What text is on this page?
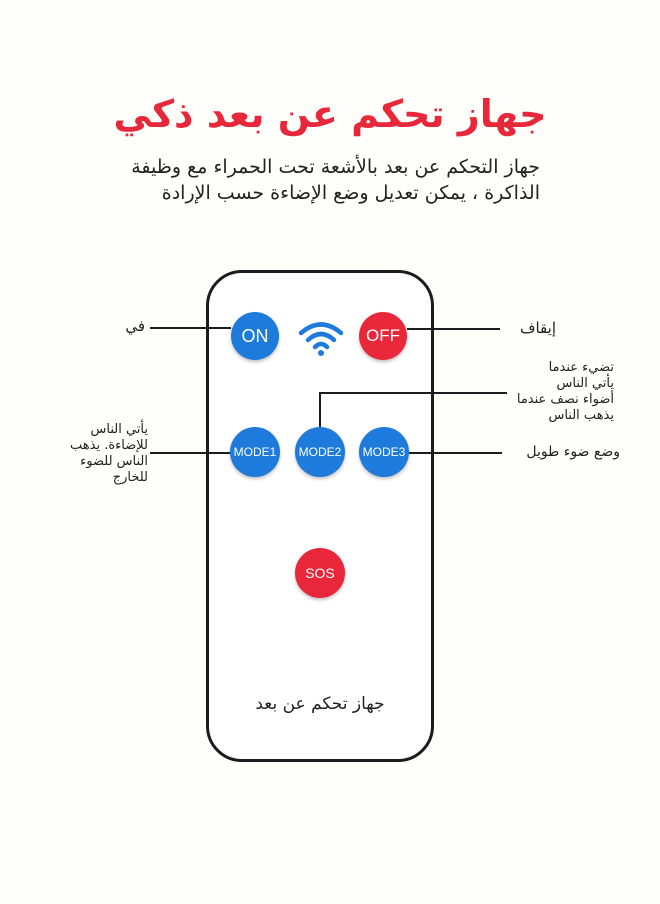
جهاز تحكم عن بعد ذكي
جهاز التحكم عن بعد بالأشعة تحت الحمراء مع وظيفة الذاكرة ، يمكن تعديل وضع الإضاءة حسب الإرادة
ON	OFF
MODE1 MODE2 MODE3
SOS
جهاز تحكم عن بعد
في	إيقاف
يأتي الناس
للإضاءة. يذهب
الناس للضوء
للخارج
تضيء عندما
يأتي الناس
أضواء نصف عندما
يذهب الناس
وضع ضوء طويل
